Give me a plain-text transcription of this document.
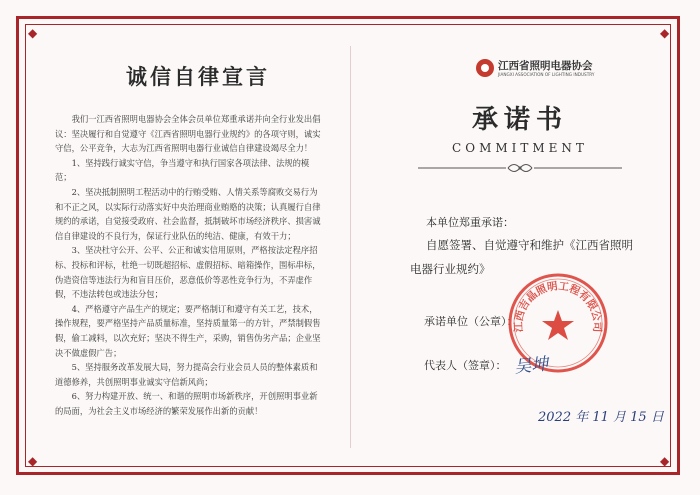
◆	◆
◆	◆
诚信自律宣言

我们一江西省照明电器协会全体会员单位郑重承诺并向全行业发出倡议：坚决履行和自觉遵守《江西省照明电器行业规约》的各项守则，诚实守信，公平竞争，大志为江西省照明电器行业诚信自律建设竭尽全力！

1、坚持践行诚实守信，争当遵守和执行国家各项法律、法规的模范；

2、坚决抵制照明工程活动中的行贿受贿、人情关系等腐败交易行为和不正之风，以实际行动落实好中央治理商业贿赂的决策；认真履行自律规约的承诺，自觉接受政府、社会监督，抵制破坏市场经济秩序、损害诚信自律建设的不良行为，保证行业队伍的纯洁、健康，有效干力；

3、坚决杜守公开、公平、公正和诚实信用原则，严格按法定程序招标、投标和评标，杜绝一切既超招标、虚假招标、暗箱操作，围标串标，伪造资信等违法行为和盲目压价，恶意低价等恶性竞争行为，不弄虚作假，不违法转包或违法分包；

4、严格遵守产品生产的规定；要严格制订和遵守有关工艺，技术，操作规程，要严格坚持产品质量标准，坚持质量第一的方针，严禁制假售假，偷工减料，以次充好；坚决不得生产，采购，销售伪劣产品；企业坚决不做虚假广告；

5、坚持服务改革发展大局，努力提高会行业会员人员的整体素质和道德修养，共创照明事业诚实守信新风尚；

6、努力构建开放、统一、和谐的照明市场新秩序，开创照明事业新的局面，为社会主义市场经济的繁荣发展作出新的贡献！

江西省照明电器协会
JIANGXI ASSOCIATION OF LIGHTING INDUSTRY
承诺书
COMMITMENT
本单位郑重承诺：
自愿签署、自觉遵守和维护《江西省照明
电器行业规约》
承诺单位（公章）：
代表人（签章）：
江西吉晶照明工程有限公司
吴坤
2022 年 11 月 15 日
